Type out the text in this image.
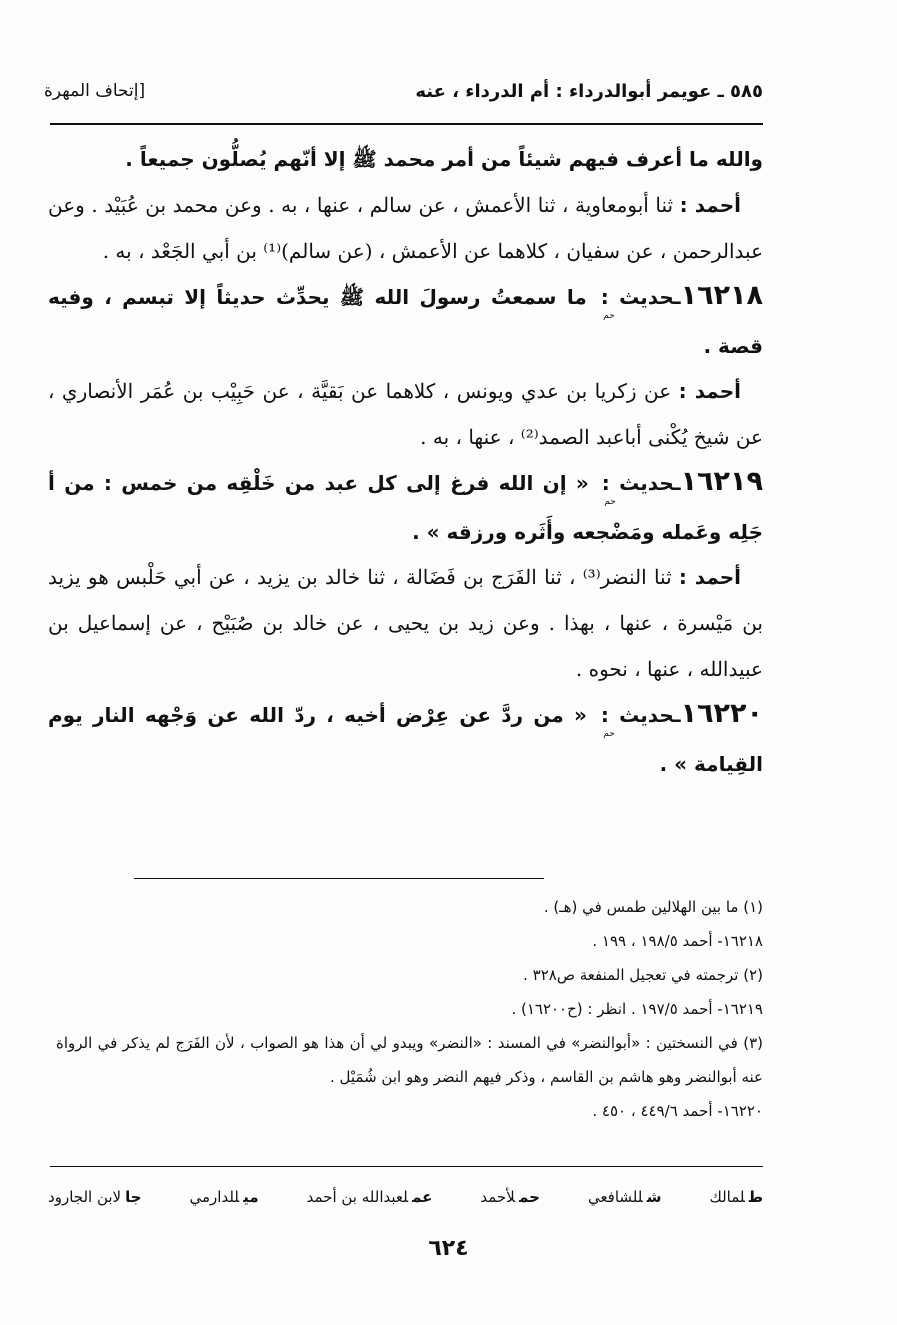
٥٨٥ ـ عويمر أبوالدرداء : أم الدرداء ، عنه
[إتحاف المهرة

والله ما أعرف فيهم شيئاً من أمر محمد ﷺ إلا أنّهم يُصلُّون جميعاً .

أحمد : ثنا أبومعاوية ، ثنا الأعمش ، عن سالم ، عنها ، به . وعن محمد بن عُبَيْد . وعن عبدالرحمن ، عن سفيان ، كلاهما عن الأعمش ، (عن سالم)⁽¹⁾ بن أبي الجَعْد ، به .

١٦٢١٨ـحديث $:_{حم}$ ما سمعتُ رسولَ الله ﷺ يحدِّث حديثاً إلا تبسم ، وفيه قصة .

أحمد : عن زكريا بن عدي ويونس ، كلاهما عن بَقيَّة ، عن حَبِيْب بن عُمَر الأنصاري ، عن شيخ يُكْنى أباعبد الصمد⁽²⁾ ، عنها ، به .

١٦٢١٩ـحديث $:_{حم}$ « إن الله فرغ إلى كل عبد من خَلْقِه من خمس : من أ جَلِه وعَمله ومَضْجعه وأَثَره ورزقه » .

أحمد : ثنا النضر⁽³⁾ ، ثنا الفَرَج بن فَضَالة ، ثنا خالد بن يزيد ، عن أبي حَلْبس هو يزيد بن مَيْسرة ، عنها ، بهذا . وعن زيد بن يحيى ، عن خالد بن صُبَيْح ، عن إسماعيل بن عبيدالله ، عنها ، نحوه .

١٦٢٢٠ـحديث $:_{حم}$ « من ردَّ عن عِرْض أخيه ، ردّ الله عن وَجْهه النار يوم القِيامة » .

(١) ما بين الهلالين طمس في (هـ) .

١٦٢١٨- أحمد ١٩٨/٥ ، ١٩٩ .

(٢) ترجمته في تعجيل المنفعة ص٣٢٨ .

١٦٢١٩- أحمد ١٩٧/٥ . انظر : (ح١٦٢٠٠) .

(٣) في النسختين : «أبوالنضر» في المسند : «النضر» ويبدو لي أن هذا هو الصواب ، لأن الفَرَج لم يذكر في الرواة عنه أبوالنضر وهو هاشم بن القاسم ، وذكر فيهم النضر وهو ابن شُمَيْل .

١٦٢٢٠- أحمد ٤٤٩/٦ ، ٤٥٠ .

طلمالك
شللشافعي
حملأحمد
عملعبدالله بن أحمد
ميللدارمي
جالابن الجارود
٦٢٤
